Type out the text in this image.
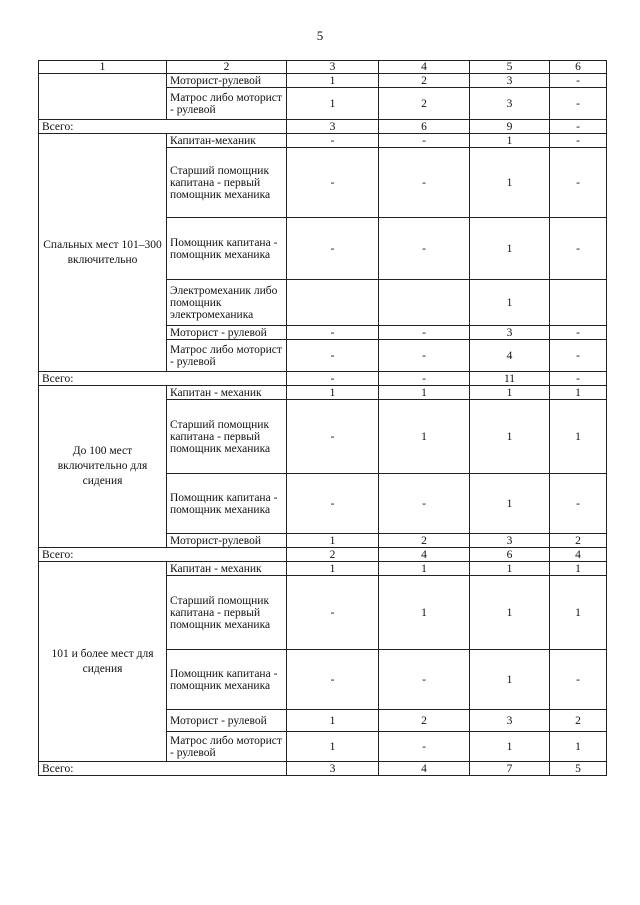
5
1	2	3	4	5	6
	Моторист-рулевой	1	2	3	-
	Матрос либо моторист - рулевой	1	2	3	-
Всего:		3	6	9	-
Спальных мест 101–300 включительно	Капитан-механик	-	-	1	-
	Старший помощник капитана - первый помощник механика	-	-	1	-
	Помощник капитана - помощник механика	-	-	1	-
	Электромеханик либо помощник электромеханика			1	
	Моторист - рулевой	-	-	3	-
	Матрос либо моторист - рулевой	-	-	4	-
Всего:		-	-	11	-
До 100 мест включительно для сидения	Капитан - механик	1	1	1	1
	Старший помощник капитана - первый помощник механика	-	1	1	1
	Помощник капитана - помощник механика	-	-	1	-
	Моторист-рулевой	1	2	3	2
Всего:		2	4	6	4
101 и более мест для сидения	Капитан - механик	1	1	1	1
	Старший помощник капитана - первый помощник механика	-	1	1	1
	Помощник капитана - помощник механика	-	-	1	-
	Моторист - рулевой	1	2	3	2
	Матрос либо моторист - рулевой	1	-	1	1
Всего:		3	4	7	5
